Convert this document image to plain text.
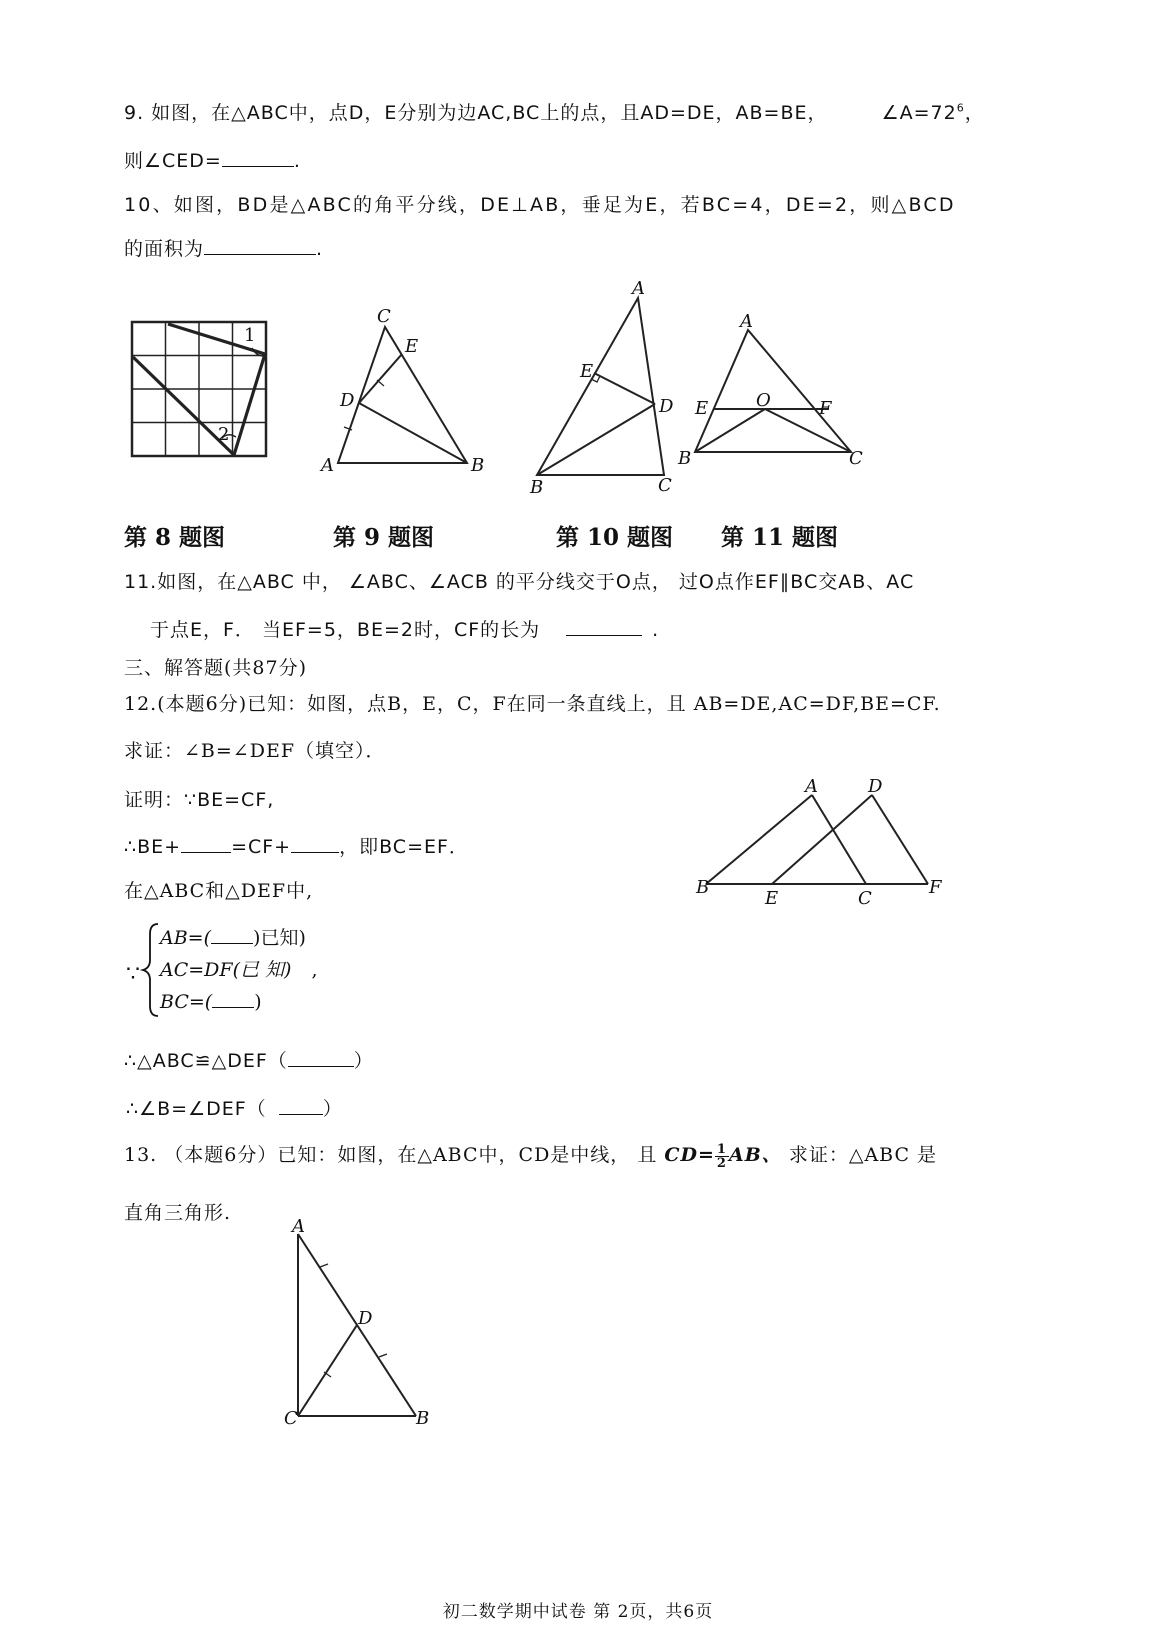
9. 如图，在△ABC中，点D，E分别为边AC,BC上的点，且AD=DE，AB=BE，	$\angle A=72^6$，
则∠CED=	.
10、如图，BD是△ABC的角平分线，DE⊥AB，垂足为E，若BC=4，DE=2，则△BCD
的面积为	.
1
2
C
E
D
A	B
A
E
D
B	C
A
E	O	F
B	C
第 8 题图	第 9 题图	第 10 题图 第 11 题图
11.如图，在△ABC 中， ∠ABC、∠ACB 的平分线交于O点， 过O点作EF∥BC交AB、AC
于点E，F． 当EF=5，BE=2时，CF的长为	.
三、解答题(共87分)
12.(本题6分)已知：如图，点B，E，C，F在同一条直线上，且 AB=DE,AC=DF,BE=CF.
求证：∠B=∠DEF（填空）．
证明：∵BE=CF,
∴BE+	=CF+	，即BC=EF．
在△ABC和△DEF中,
∵
AB=( )已知)
AC=DF(已 知) ,
BC=( )
∴△ABC≌△DEF（	）
∴∠B=∠DEF（	）
A	D
B
E	C
F
13. （本题6分）已知：如图，在△ABC中，CD是中线， 且 $CD= \frac{1}{2}$ AB、 求证：△ABC 是
直角三角形.
A
D
C	B
初二数学期中试卷 第 2页，共6页
